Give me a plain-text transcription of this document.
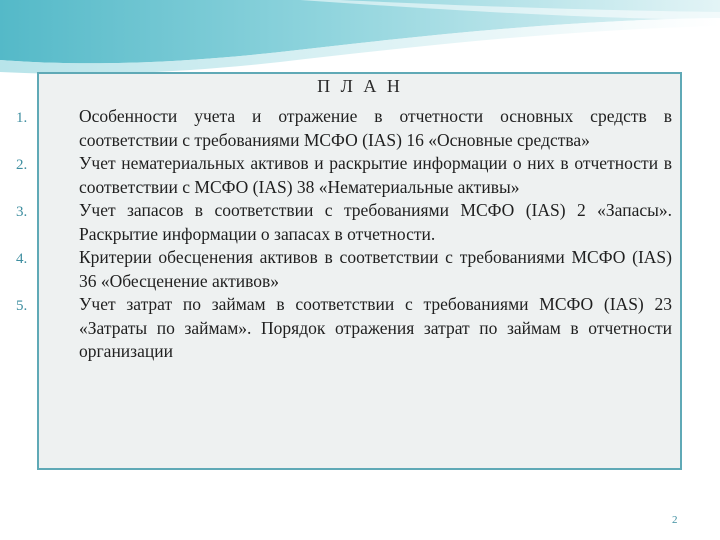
П Л А Н
1.	Особенности учета и отражение в отчетности основных средств в соответствии с требованиями МСФО (IAS) 16 «Основные средства»
2.	Учет нематериальных активов и раскрытие информации о них в отчетности в соответствии с МСФО (IAS) 38 «Нематериальные активы»
3.	Учет запасов в соответствии с требованиями МСФО (IAS) 2 «Запасы». Раскрытие информации о запасах в отчетности.
4.	Критерии обесценения активов в соответствии с требованиями МСФО (IAS) 36 «Обесценение активов»
5.	Учет затрат по займам в соответствии с требованиями МСФО (IAS) 23 «Затраты по займам». Порядок отражения затрат по займам в отчетности организации
2
